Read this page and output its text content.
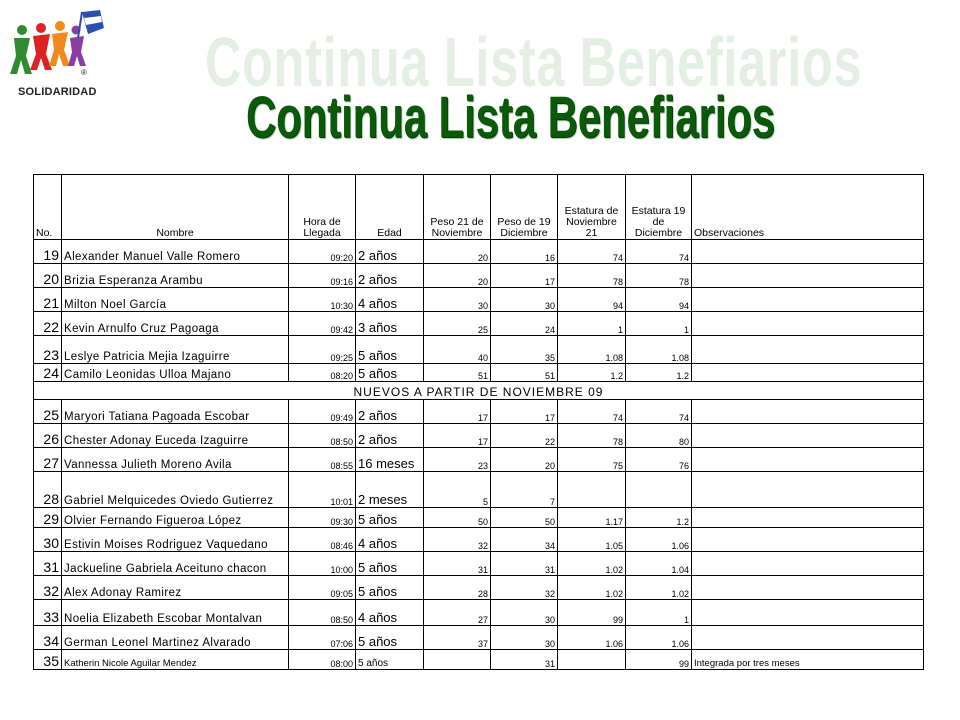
®
SOLIDARIDAD Continua Lista Benefiarios
Continua Lista Benefiarios
No.	Nombre	Hora de Llegada	Edad	Peso 21 de Noviembre	Peso de 19 Diciembre	Estatura de Noviembre 21	Estatura 19 de Diciembre	Observaciones
19	Alexander Manuel Valle Romero	09:20	2 años	20	16	74	74	
20	Brizia Esperanza Arambu	09:16	2 años	20	17	78	78	
21	Milton Noel García	10:30	4 años	30	30	94	94	
22	Kevin Arnulfo Cruz Pagoaga	09:42	3 años	25	24	1	1	
23	Leslye Patricia Mejia Izaguirre	09:25	5 años	40	35	1.08	1.08	
24	Camilo Leonidas Ulloa Majano	08:20	5 años	51	51	1.2	1.2	
NUEVOS A PARTIR DE NOVIEMBRE 09								
25	Maryori Tatiana Pagoada Escobar	09:49	2 años	17	17	74	74	
26	Chester Adonay Euceda Izaguirre	08:50	2 años	17	22	78	80	
27	Vannessa Julieth Moreno Avila	08:55	16 meses	23	20	75	76	
28	Gabriel Melquicedes Oviedo Gutierrez	10:01	2 meses	5	7			
29	Olvier Fernando Figueroa López	09:30	5 años	50	50	1.17	1.2	
30	Estivin Moises Rodriguez Vaquedano	08:46	4 años	32	34	1.05	1.06	
31	Jackueline Gabriela Aceituno chacon	10:00	5 años	31	31	1.02	1.04	
32	Alex Adonay Ramirez	09:05	5 años	28	32	1.02	1.02	
33	Noelia Elizabeth Escobar Montalvan	08:50	4 años	27	30	99	1	
34	German Leonel Martinez Alvarado	07:06	5 años	37	30	1.06	1.06	
35	Katherin Nicole Aguilar Mendez	08:00	5 años		31		99	Integrada por tres meses
